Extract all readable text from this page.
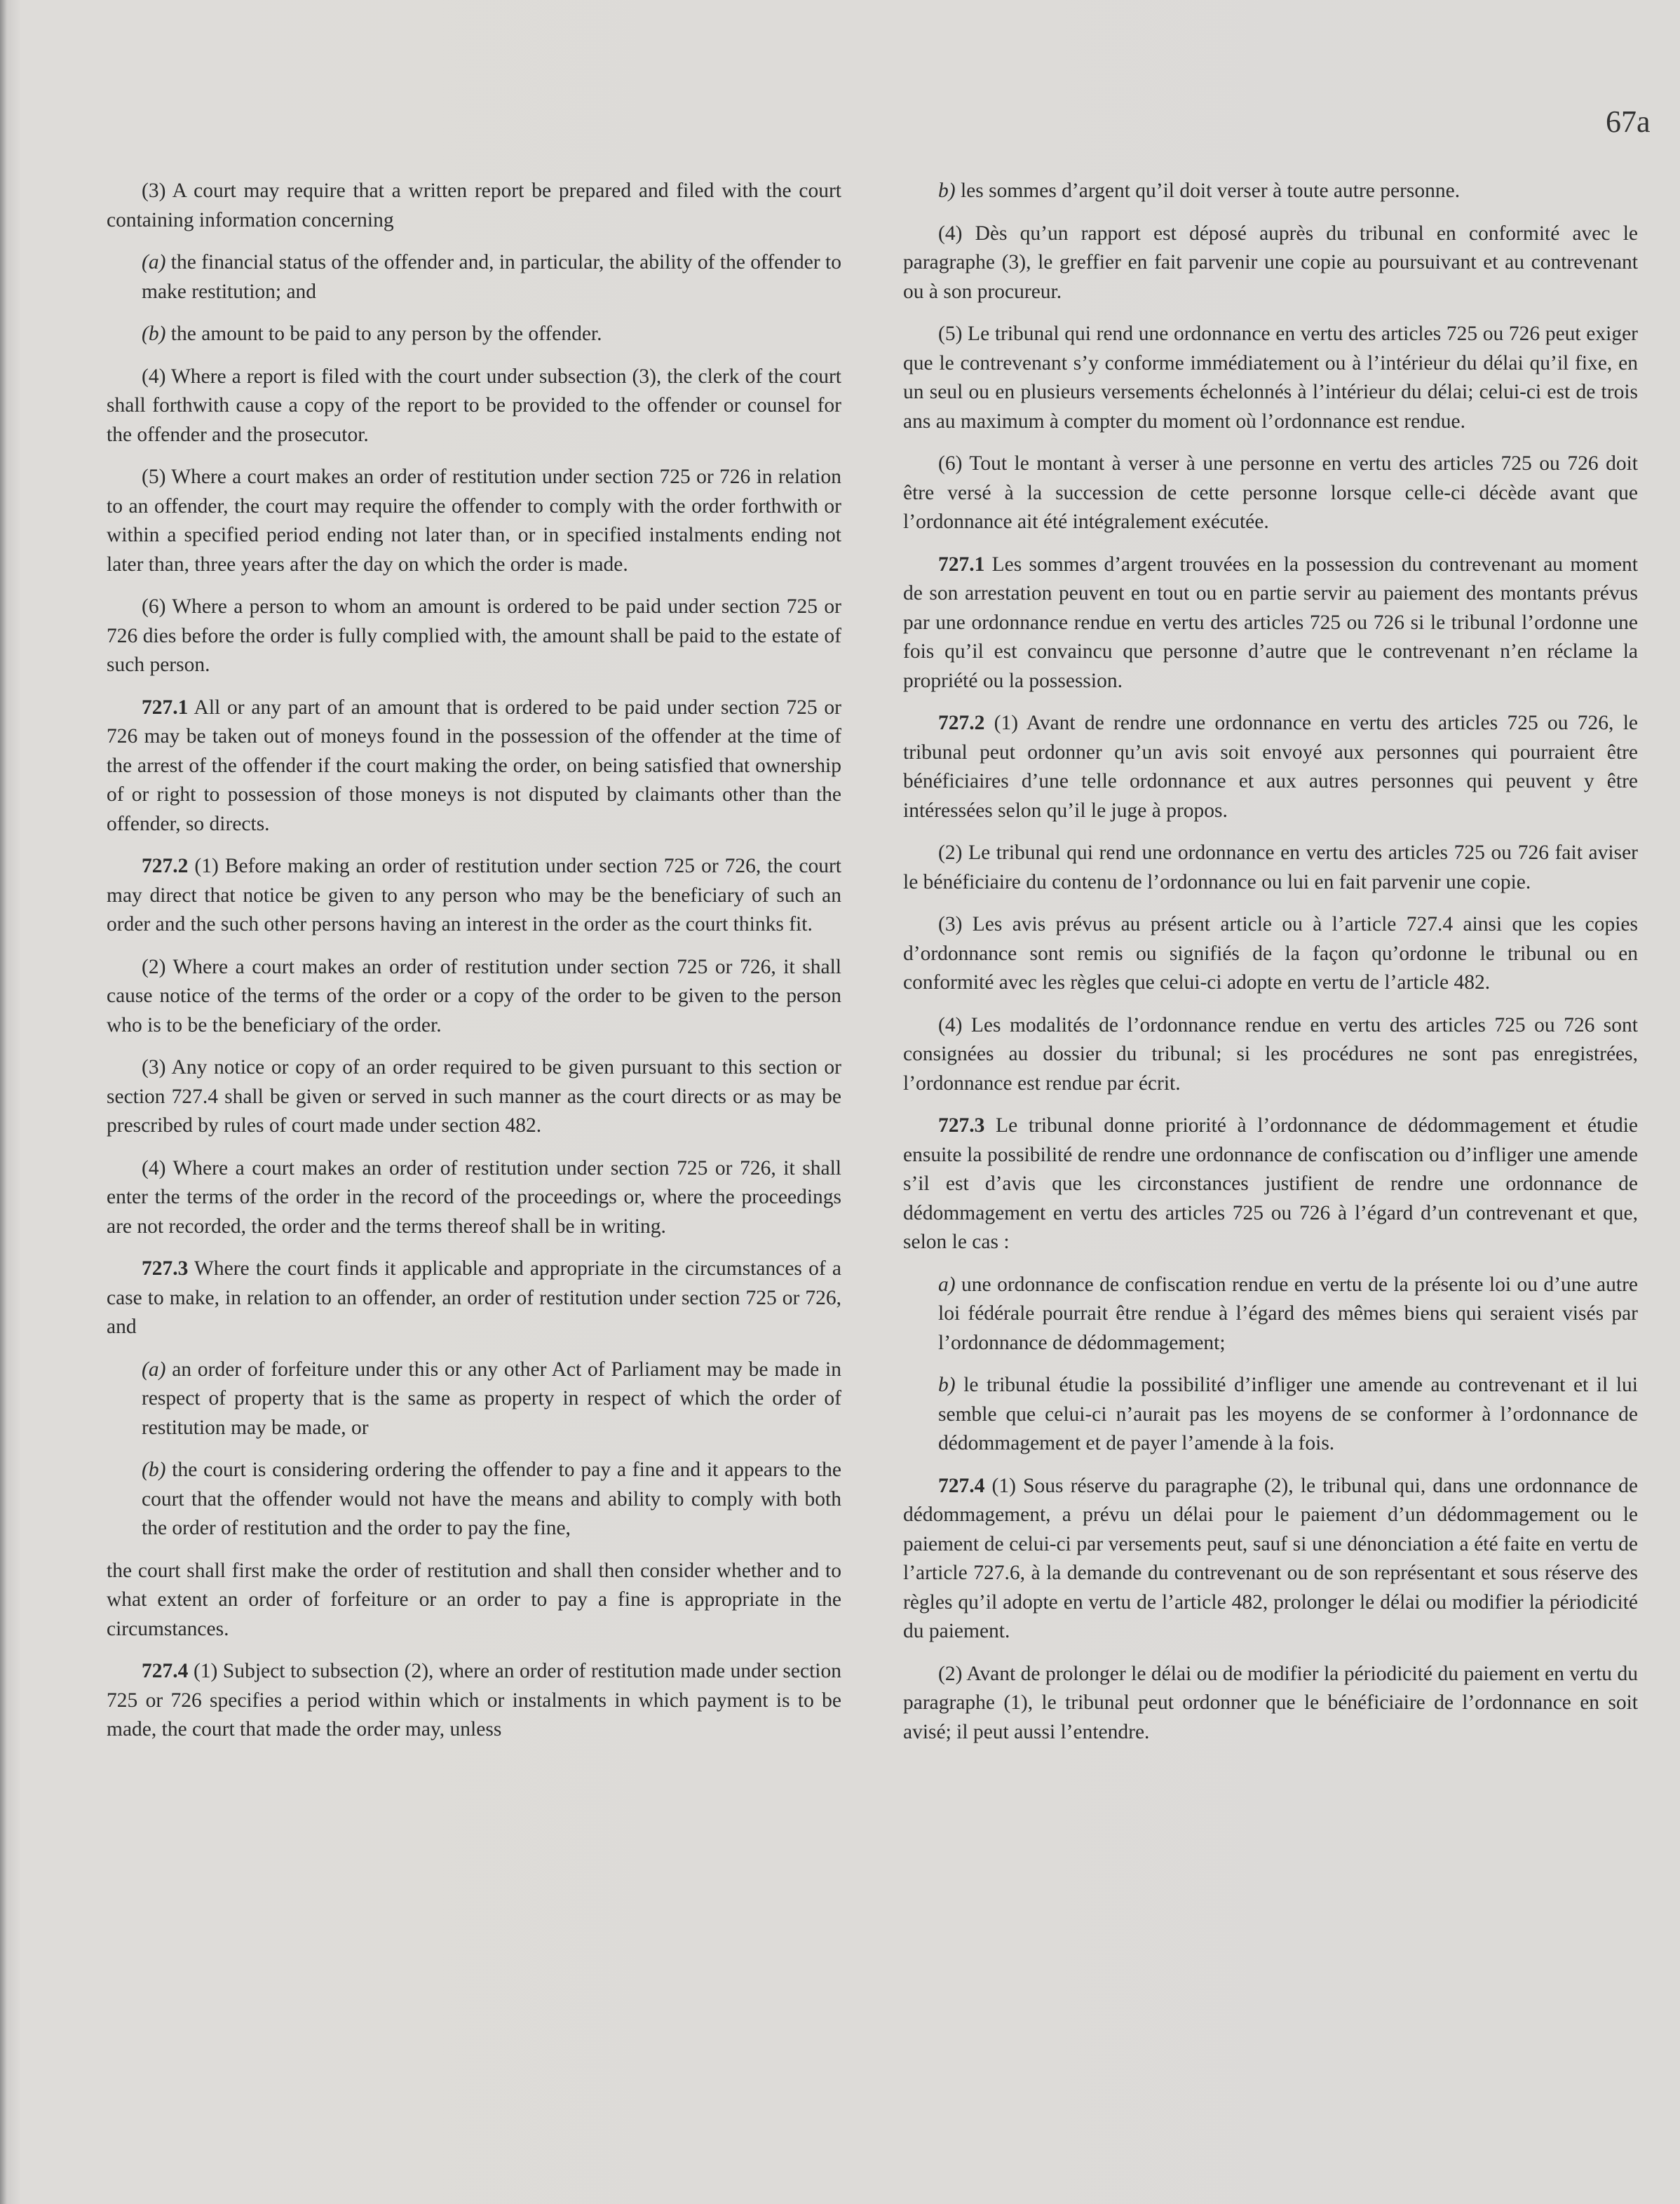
67a

(3) A court may require that a written report be prepared and filed with the court containing information concerning

(a) the financial status of the offender and, in particular, the ability of the offender to make restitution; and

(b) the amount to be paid to any person by the offender.

(4) Where a report is filed with the court under subsection (3), the clerk of the court shall forthwith cause a copy of the report to be provided to the offender or counsel for the offender and the prosecutor.

(5) Where a court makes an order of restitution under section 725 or 726 in relation to an offender, the court may require the offender to comply with the order forthwith or within a specified period ending not later than, or in specified instalments ending not later than, three years after the day on which the order is made.

(6) Where a person to whom an amount is ordered to be paid under section 725 or 726 dies before the order is fully complied with, the amount shall be paid to the estate of such person.

727.1 All or any part of an amount that is ordered to be paid under section 725 or 726 may be taken out of moneys found in the possession of the offender at the time of the arrest of the offender if the court making the order, on being satisfied that ownership of or right to possession of those moneys is not disputed by claimants other than the offender, so directs.

727.2 (1) Before making an order of restitution under section 725 or 726, the court may direct that notice be given to any person who may be the beneficiary of such an order and the such other persons having an interest in the order as the court thinks fit.

(2) Where a court makes an order of restitution under section 725 or 726, it shall cause notice of the terms of the order or a copy of the order to be given to the person who is to be the beneficiary of the order.

(3) Any notice or copy of an order required to be given pursuant to this section or section 727.4 shall be given or served in such manner as the court directs or as may be prescribed by rules of court made under section 482.

(4) Where a court makes an order of restitution under section 725 or 726, it shall enter the terms of the order in the record of the proceedings or, where the proceedings are not recorded, the order and the terms thereof shall be in writing.

727.3 Where the court finds it applicable and appropriate in the circumstances of a case to make, in relation to an offender, an order of restitution under section 725 or 726, and

(a) an order of forfeiture under this or any other Act of Parliament may be made in respect of property that is the same as property in respect of which the order of restitution may be made, or

(b) the court is considering ordering the offender to pay a fine and it appears to the court that the offender would not have the means and ability to comply with both the order of restitution and the order to pay the fine,

the court shall first make the order of restitution and shall then consider whether and to what extent an order of forfeiture or an order to pay a fine is appropriate in the circumstances.

727.4 (1) Subject to subsection (2), where an order of restitution made under section 725 or 726 specifies a period within which or instalments in which payment is to be made, the court that made the order may, unless

b) les sommes d’argent qu’il doit verser à toute autre personne.

(4) Dès qu’un rapport est déposé auprès du tribunal en conformité avec le paragraphe (3), le greffier en fait parvenir une copie au poursuivant et au contrevenant ou à son procureur.

(5) Le tribunal qui rend une ordonnance en vertu des articles 725 ou 726 peut exiger que le contrevenant s’y conforme immédiatement ou à l’intérieur du délai qu’il fixe, en un seul ou en plusieurs versements échelonnés à l’intérieur du délai; celui-ci est de trois ans au maximum à compter du moment où l’ordonnance est rendue.

(6) Tout le montant à verser à une personne en vertu des articles 725 ou 726 doit être versé à la succession de cette personne lorsque celle-ci décède avant que l’ordonnance ait été intégralement exécutée.

727.1 Les sommes d’argent trouvées en la possession du contrevenant au moment de son arrestation peuvent en tout ou en partie servir au paiement des montants prévus par une ordonnance rendue en vertu des articles 725 ou 726 si le tribunal l’ordonne une fois qu’il est convaincu que personne d’autre que le contrevenant n’en réclame la propriété ou la possession.

727.2 (1) Avant de rendre une ordonnance en vertu des articles 725 ou 726, le tribunal peut ordonner qu’un avis soit envoyé aux personnes qui pourraient être bénéficiaires d’une telle ordonnance et aux autres personnes qui peuvent y être intéressées selon qu’il le juge à propos.

(2) Le tribunal qui rend une ordonnance en vertu des articles 725 ou 726 fait aviser le bénéficiaire du contenu de l’ordonnance ou lui en fait parvenir une copie.

(3) Les avis prévus au présent article ou à l’article 727.4 ainsi que les copies d’ordonnance sont remis ou signifiés de la façon qu’ordonne le tribunal ou en conformité avec les règles que celui-ci adopte en vertu de l’article 482.

(4) Les modalités de l’ordonnance rendue en vertu des articles 725 ou 726 sont consignées au dossier du tribunal; si les procédures ne sont pas enregistrées, l’ordonnance est rendue par écrit.

727.3 Le tribunal donne priorité à l’ordonnance de dédommagement et étudie ensuite la possibilité de rendre une ordonnance de confiscation ou d’infliger une amende s’il est d’avis que les circonstances justifient de rendre une ordonnance de dédommagement en vertu des articles 725 ou 726 à l’égard d’un contrevenant et que, selon le cas :

a) une ordonnance de confiscation rendue en vertu de la présente loi ou d’une autre loi fédérale pourrait être rendue à l’égard des mêmes biens qui seraient visés par l’ordonnance de dédommagement;

b) le tribunal étudie la possibilité d’infliger une amende au contrevenant et il lui semble que celui-ci n’aurait pas les moyens de se conformer à l’ordonnance de dédommagement et de payer l’amende à la fois.

727.4 (1) Sous réserve du paragraphe (2), le tribunal qui, dans une ordonnance de dédommagement, a prévu un délai pour le paiement d’un dédommagement ou le paiement de celui-ci par versements peut, sauf si une dénonciation a été faite en vertu de l’article 727.6, à la demande du contrevenant ou de son représentant et sous réserve des règles qu’il adopte en vertu de l’article 482, prolonger le délai ou modifier la périodicité du paiement.

(2) Avant de prolonger le délai ou de modifier la périodicité du paiement en vertu du paragraphe (1), le tribunal peut ordonner que le bénéficiaire de l’ordonnance en soit avisé; il peut aussi l’entendre.
